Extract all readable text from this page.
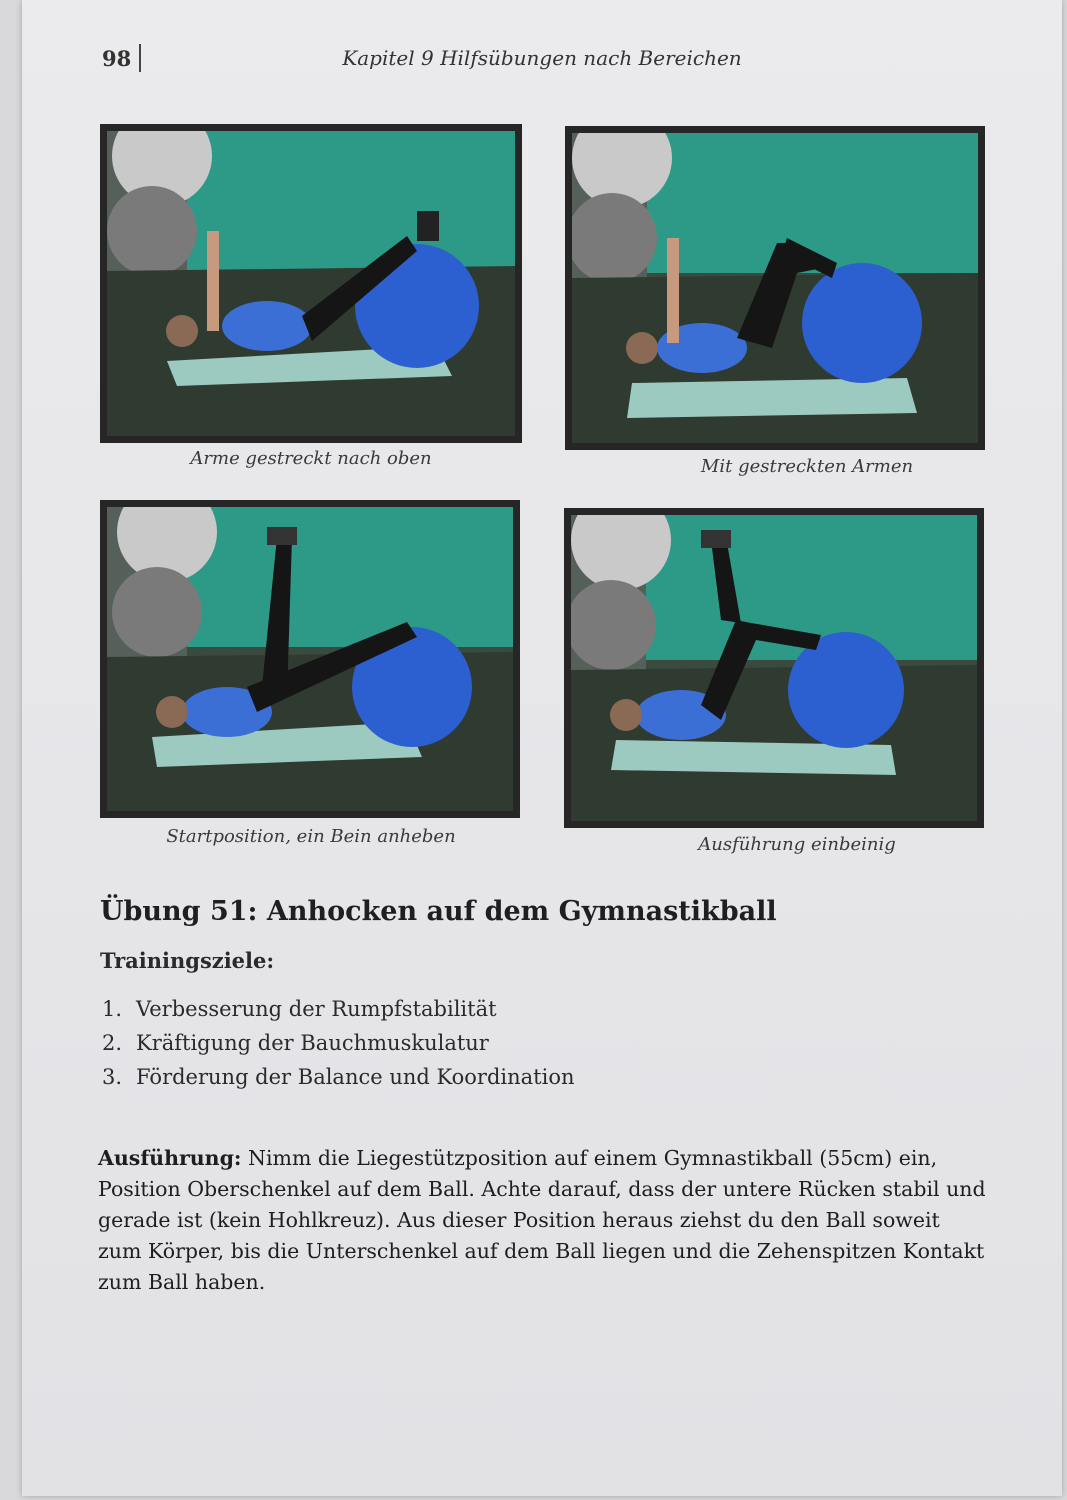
98	Kapitel 9 Hilfsübungen nach Bereichen
Arme gestreckt nach oben	Mit gestreckten Armen
Startposition, ein Bein anheben	Ausführung einbeinig
Übung 51: Anhocken auf dem Gymnastikball
Trainingsziele:
1. Verbesserung der Rumpfstabilität
2. Kräftigung der Bauchmuskulatur
3. Förderung der Balance und Koordination

Ausführung: Nimm die Liegestützposition auf einem Gymnastikball (55cm) ein, Position Oberschenkel auf dem Ball. Achte darauf, dass der untere Rücken stabil und gerade ist (kein Hohlkreuz). Aus dieser Position heraus ziehst du den Ball soweit zum Körper, bis die Unterschenkel auf dem Ball liegen und die Zehenspitzen Kontakt zum Ball haben.
